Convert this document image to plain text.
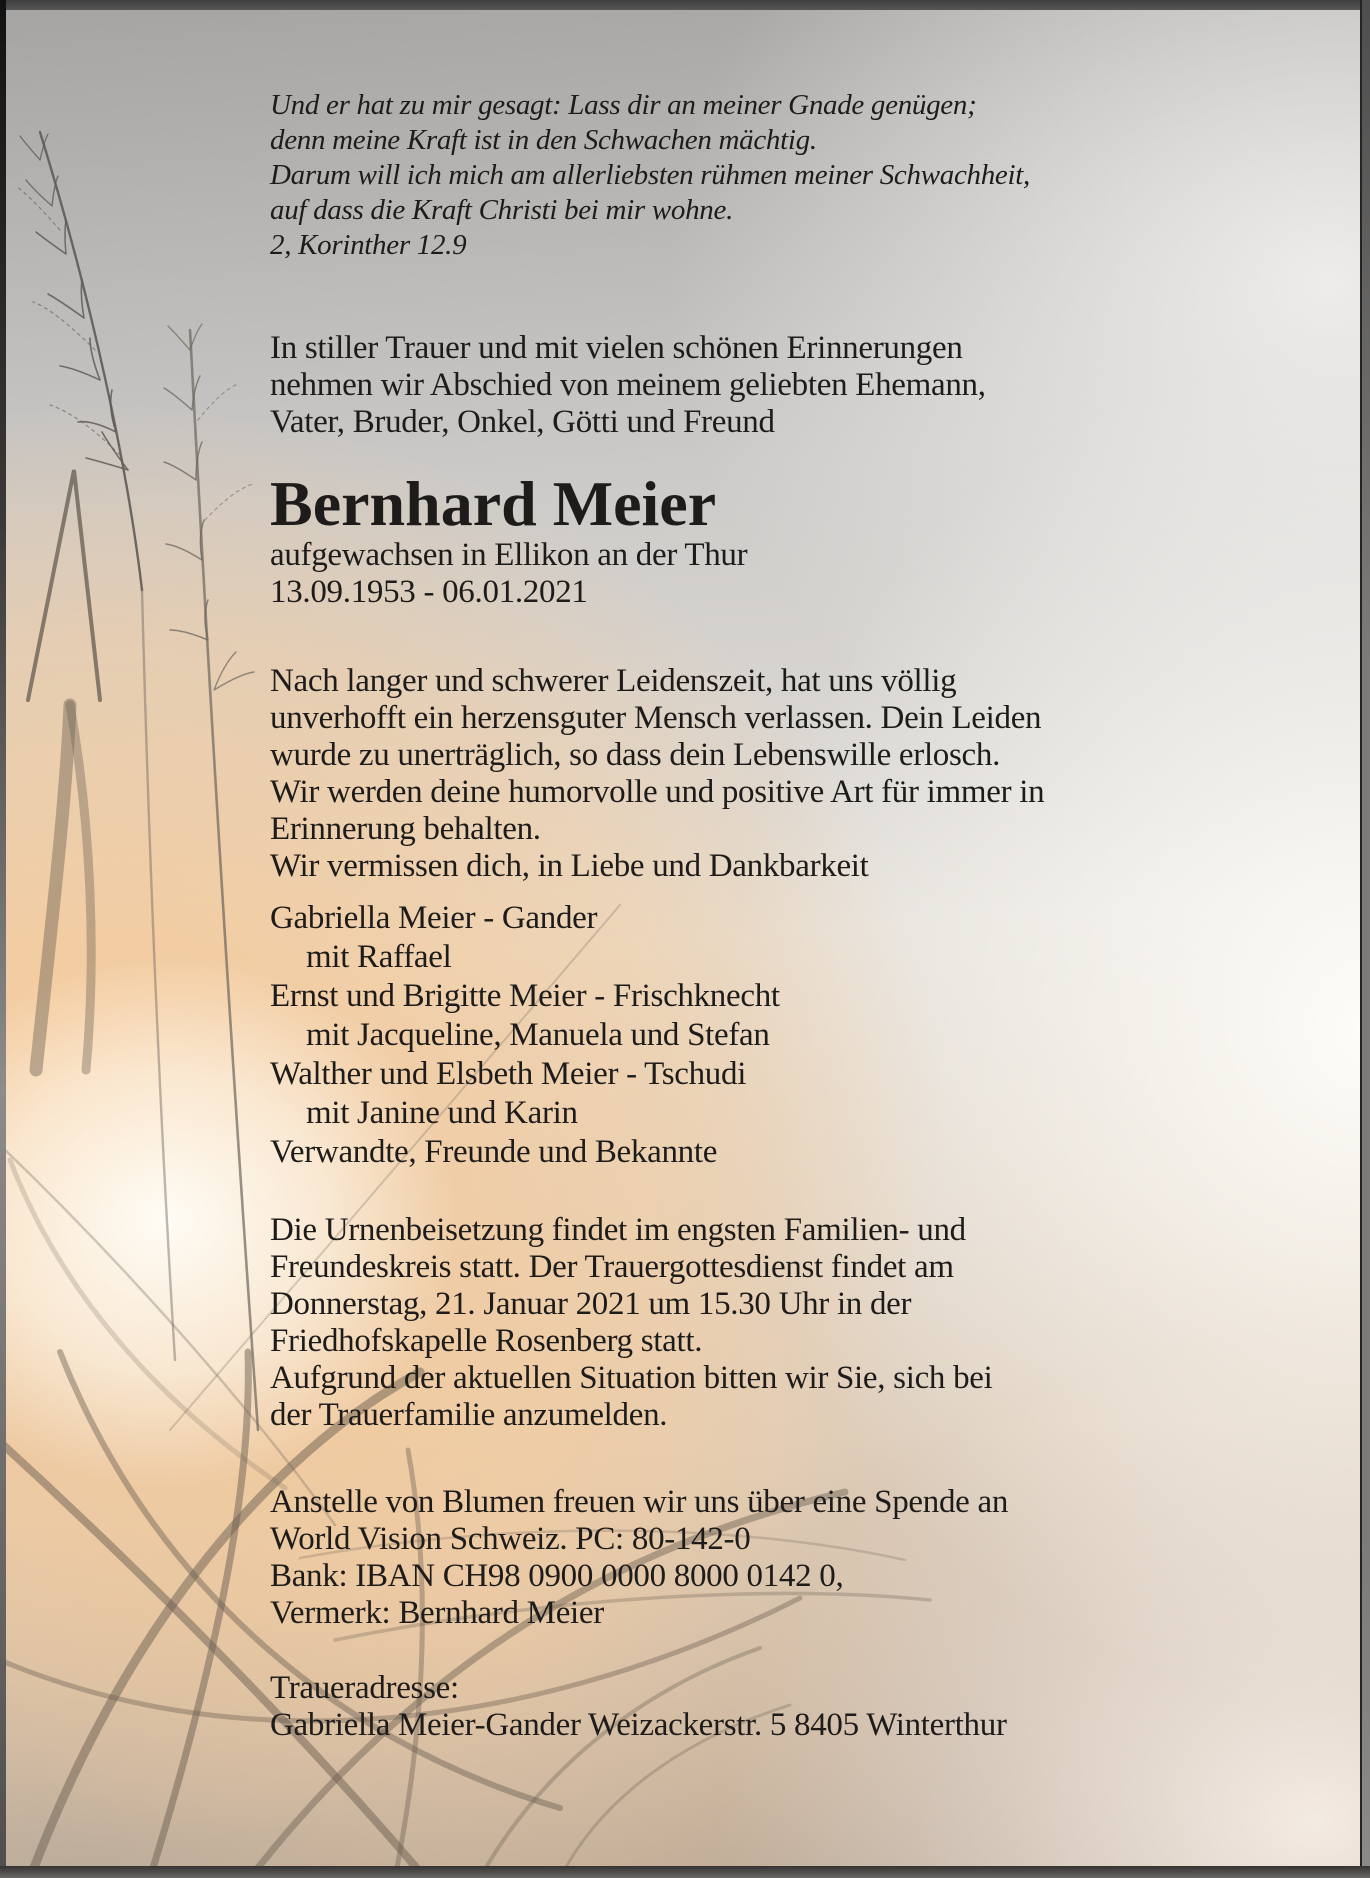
Und er hat zu mir gesagt: Lass dir an meiner Gnade genügen;

denn meine Kraft ist in den Schwachen mächtig.

Darum will ich mich am allerliebsten rühmen meiner Schwachheit,

auf dass die Kraft Christi bei mir wohne.

2, Korinther 12.9

In stiller Trauer und mit vielen schönen Erinnerungen

nehmen wir Abschied von meinem geliebten Ehemann,

Vater, Bruder, Onkel, Götti und Freund

Bernhard Meier

aufgewachsen in Ellikon an der Thur

13.09.1953 - 06.01.2021

Nach langer und schwerer Leidenszeit, hat uns völlig

unverhofft ein herzensguter Mensch verlassen. Dein Leiden

wurde zu unerträglich, so dass dein Lebenswille erlosch.

Wir werden deine humorvolle und positive Art für immer in

Erinnerung behalten.

Wir vermissen dich, in Liebe und Dankbarkeit

Gabriella Meier - Gander

mit Raffael

Ernst und Brigitte Meier - Frischknecht

mit Jacqueline, Manuela und Stefan

Walther und Elsbeth Meier - Tschudi

mit Janine und Karin

Verwandte, Freunde und Bekannte

Die Urnenbeisetzung findet im engsten Familien- und

Freundeskreis statt. Der Trauergottesdienst findet am

Donnerstag, 21. Januar 2021 um 15.30 Uhr in der

Friedhofskapelle Rosenberg statt.

Aufgrund der aktuellen Situation bitten wir Sie, sich bei

der Trauerfamilie anzumelden.

Anstelle von Blumen freuen wir uns über eine Spende an

World Vision Schweiz. PC: 80-142-0

Bank: IBAN CH98 0900 0000 8000 0142 0,

Vermerk: Bernhard Meier

Traueradresse:

Gabriella Meier-Gander Weizackerstr. 5 8405 Winterthur
